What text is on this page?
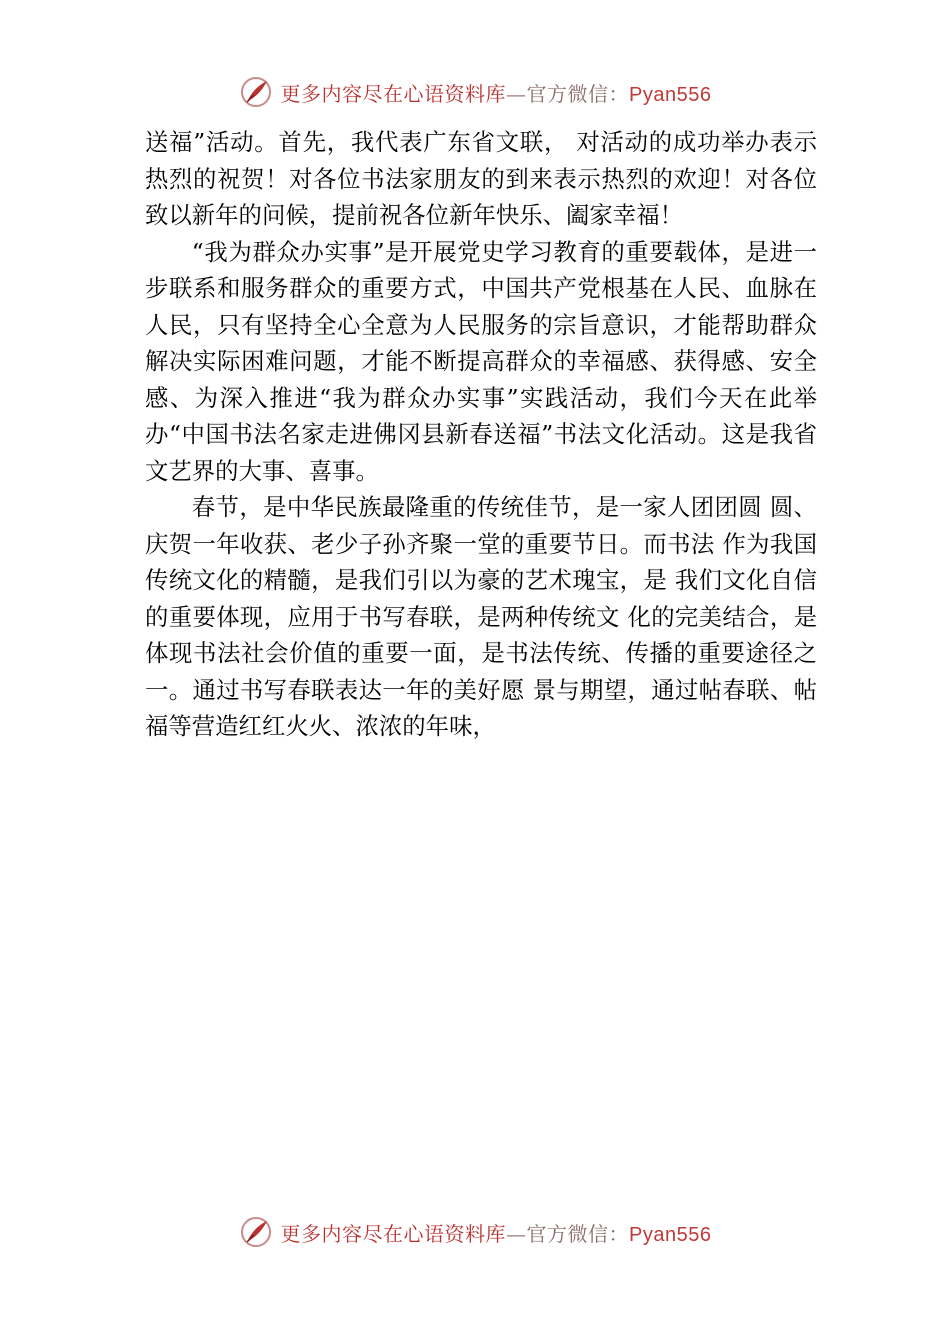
更多内容尽在心语资料库—官方微信：Pyan556

送福”活动。首先，我代表广东省文联， 对活动的成功举办表示热烈的祝贺！对各位书法家朋友的到来表示热烈的欢迎！对各位致以新年的问候，提前祝各位新年快乐、阖家幸福！

“我为群众办实事”是开展党史学习教育的重要载体，是进一步联系和服务群众的重要方式，中国共产党根基在人民、血脉在人民，只有坚持全心全意为人民服务的宗旨意识，才能帮助群众解决实际困难问题，才能不断提高群众的幸福感、获得感、安全感、为深入推进“我为群众办实事”实践活动，我们今天在此举办“中国书法名家走进佛冈县新春送福”书法文化活动。这是我省文艺界的大事、喜事。

春节，是中华民族最隆重的传统佳节，是一家人团团圆 圆、庆贺一年收获、老少子孙齐聚一堂的重要节日。而书法 作为我国传统文化的精髓，是我们引以为豪的艺术瑰宝，是 我们文化自信的重要体现，应用于书写春联，是两种传统文 化的完美结合，是体现书法社会价值的重要一面，是书法传统、传播的重要途径之一。通过书写春联表达一年的美好愿 景与期望，通过帖春联、帖福等营造红红火火、浓浓的年味，

更多内容尽在心语资料库—官方微信：Pyan556
